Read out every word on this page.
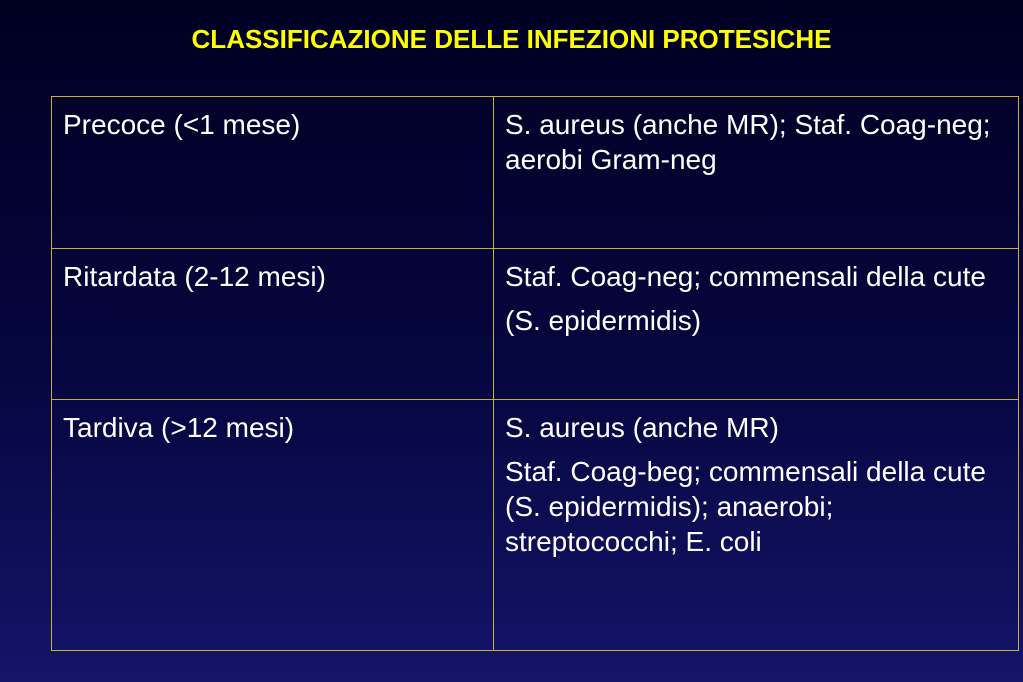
CLASSIFICAZIONE DELLE INFEZIONI PROTESICHE
Precoce (<1 mese)	S. aureus (anche MR); Staf. Coag-neg; aerobi Gram-neg

Ritardata (2-12 mesi)	Staf. Coag-neg; commensali della cute
(S. epidermidis)

Tardiva (>12 mesi)	S. aureus (anche MR)
Staf. Coag-beg; commensali della cute (S. epidermidis); anaerobi; streptococchi; E. coli
